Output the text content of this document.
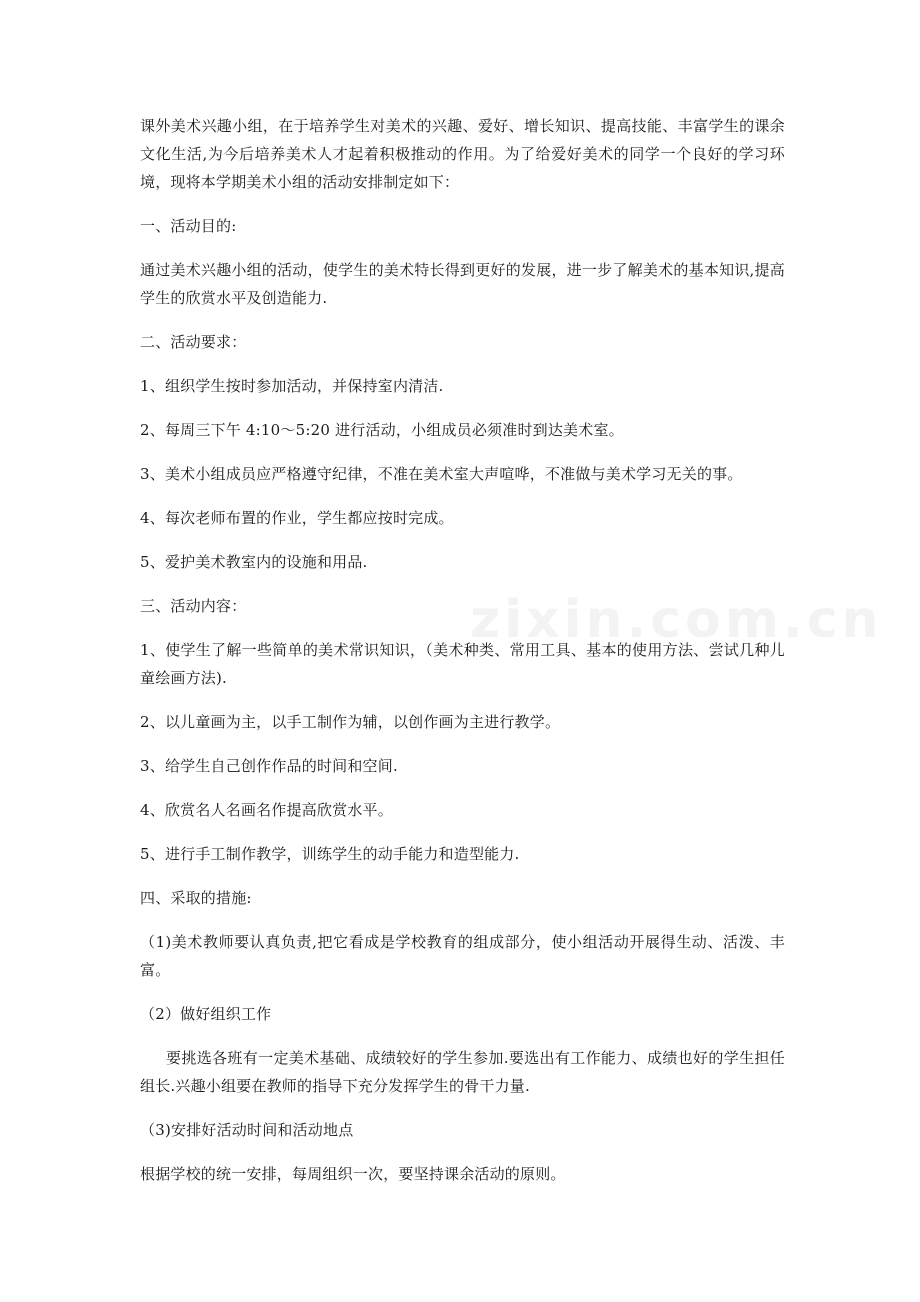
课外美术兴趣小组，在于培养学生对美术的兴趣、爱好、增长知识、提高技能、丰富学生的课余文化生活,为今后培养美术人才起着积极推动的作用。为了给爱好美术的同学一个良好的学习环境，现将本学期美术小组的活动安排制定如下：

一、活动目的:

通过美术兴趣小组的活动，使学生的美术特长得到更好的发展，进一步了解美术的基本知识,提高学生的欣赏水平及创造能力.

二、活动要求：

1、组织学生按时参加活动，并保持室内清洁.

2、每周三下午 4:10～5:20 进行活动，小组成员必须准时到达美术室。

3、美术小组成员应严格遵守纪律，不准在美术室大声喧哗，不准做与美术学习无关的事。

4、每次老师布置的作业，学生都应按时完成。

5、爱护美术教室内的设施和用品.

三、活动内容：

1、使学生了解一些简单的美术常识知识，（美术种类、常用工具、基本的使用方法、尝试几种儿童绘画方法).

2、以儿童画为主，以手工制作为辅，以创作画为主进行教学。

3、给学生自己创作作品的时间和空间.

4、欣赏名人名画名作提高欣赏水平。

5、进行手工制作教学，训练学生的动手能力和造型能力.

四、采取的措施:

（1)美术教师要认真负责,把它看成是学校教育的组成部分，使小组活动开展得生动、活泼、丰富。

（2）做好组织工作

要挑选各班有一定美术基础、成绩较好的学生参加.要选出有工作能力、成绩也好的学生担任组长.兴趣小组要在教师的指导下充分发挥学生的骨干力量.

（3)安排好活动时间和活动地点

根据学校的统一安排，每周组织一次，要坚持课余活动的原则。

zixin.com.cn
